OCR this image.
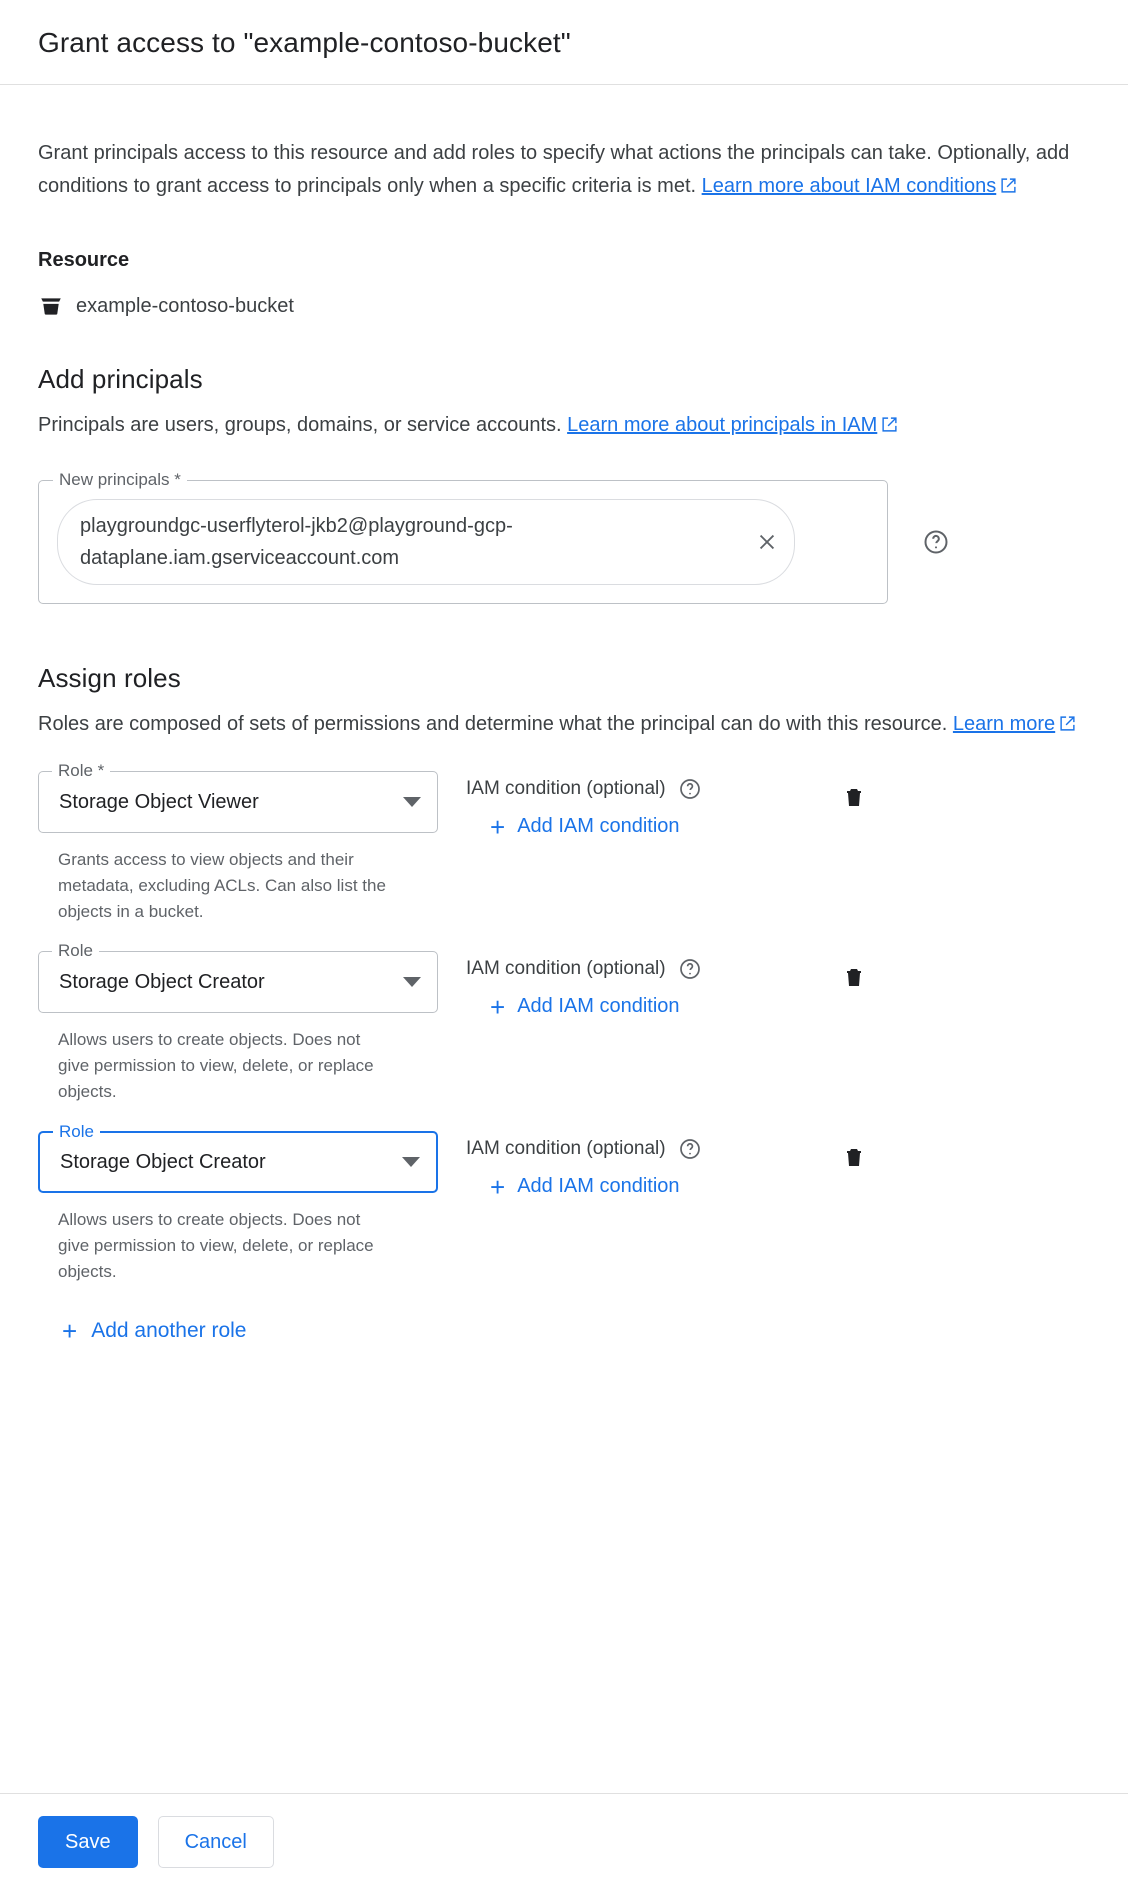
Grant access to "example-contoso-bucket"

Grant principals access to this resource and add roles to specify what actions the principals can take. Optionally, add conditions to grant access to principals only when a specific criteria is met. Learn more about IAM conditions

Resource
example-contoso-bucket
Add principals

Principals are users, groups, domains, or service accounts. Learn more about principals in IAM

New principals *
playgroundgc-userflyterol-jkb2@playground-gcp-dataplane.iam.gserviceaccount.com
Assign roles

Roles are composed of sets of permissions and determine what the principal can do with this resource. Learn more

Role *
Storage Object Viewer
Grants access to view objects and their metadata, excluding ACLs. Can also list the objects in a bucket.
IAM condition (optional)
+ Add IAM condition
Role
Storage Object Creator
Allows users to create objects. Does not give permission to view, delete, or replace objects.
IAM condition (optional)
+ Add IAM condition
Role
Storage Object Creator
Allows users to create objects. Does not give permission to view, delete, or replace objects.
IAM condition (optional)
+ Add IAM condition
+ Add another role
Save	Cancel
